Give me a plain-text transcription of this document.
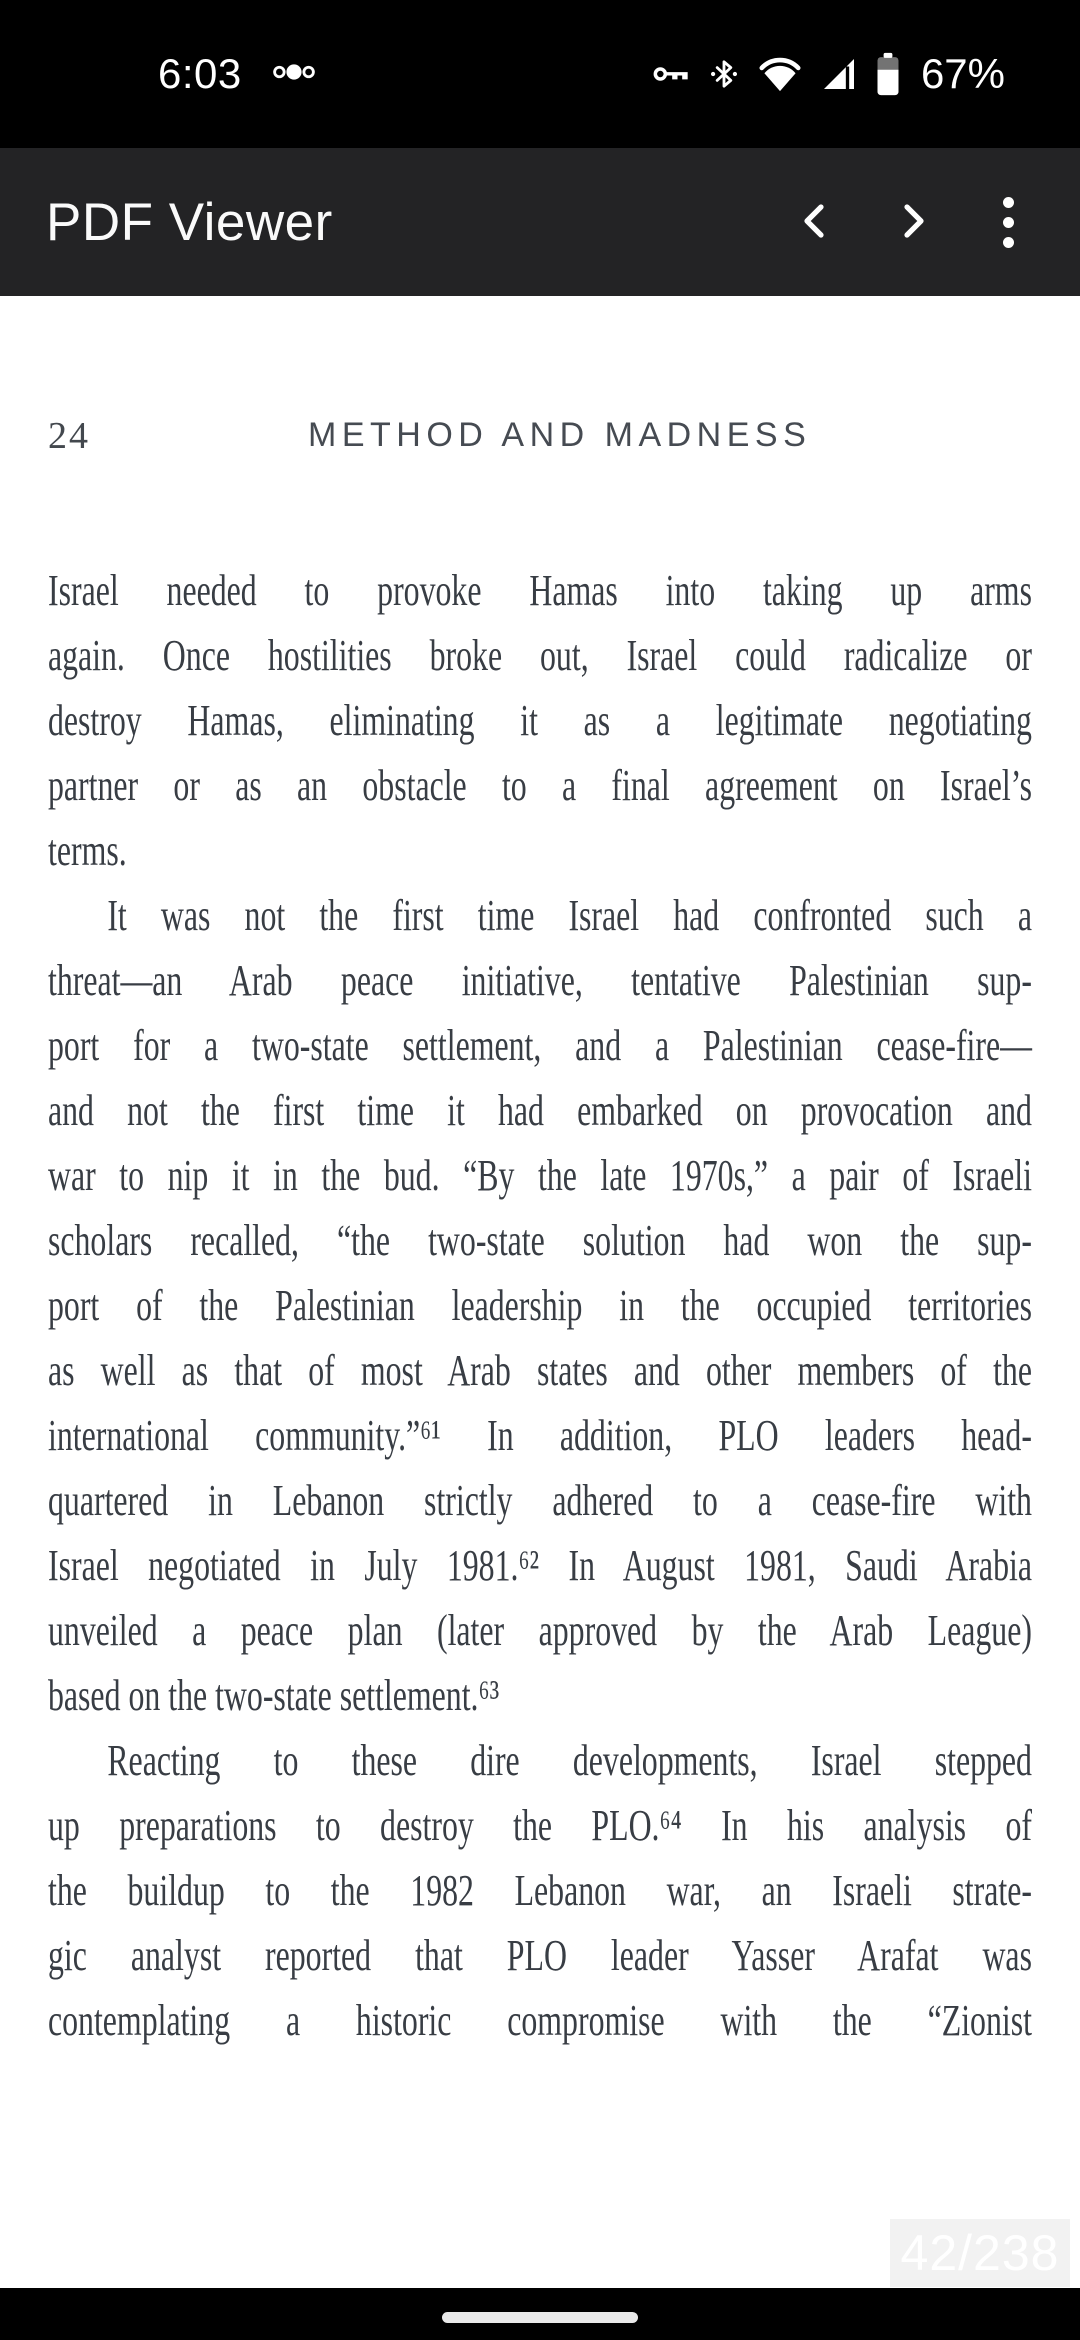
6:03	67%
PDF Viewer
24	METHOD AND MADNESS
Israel needed to provoke Hamas into taking up arms
again. Once hostilities broke out, Israel could radicalize or
destroy Hamas, eliminating it as a legitimate negotiating
partner or as an obstacle to a final agreement on Israel’s
terms.
It was not the first time Israel had confronted such a
threat—an Arab peace initiative, tentative Palestinian sup-
port for a two-state settlement, and a Palestinian cease-fire—
and not the first time it had embarked on provocation and
war to nip it in the bud. “By the late 1970s,” a pair of Israeli
scholars recalled, “the two-state solution had won the sup-
port of the Palestinian leadership in the occupied territories
as well as that of most Arab states and other members of the
international community.”⁶¹ In addition, PLO leaders head-
quartered in Lebanon strictly adhered to a cease-fire with
Israel negotiated in July 1981.⁶² In August 1981, Saudi Arabia
unveiled a peace plan (later approved by the Arab League)
based on the two-state settlement.⁶³
Reacting to these dire developments, Israel stepped
up preparations to destroy the PLO.⁶⁴ In his analysis of
the buildup to the 1982 Lebanon war, an Israeli strate-
gic analyst reported that PLO leader Yasser Arafat was
contemplating a historic compromise with the “Zionist
42/238
